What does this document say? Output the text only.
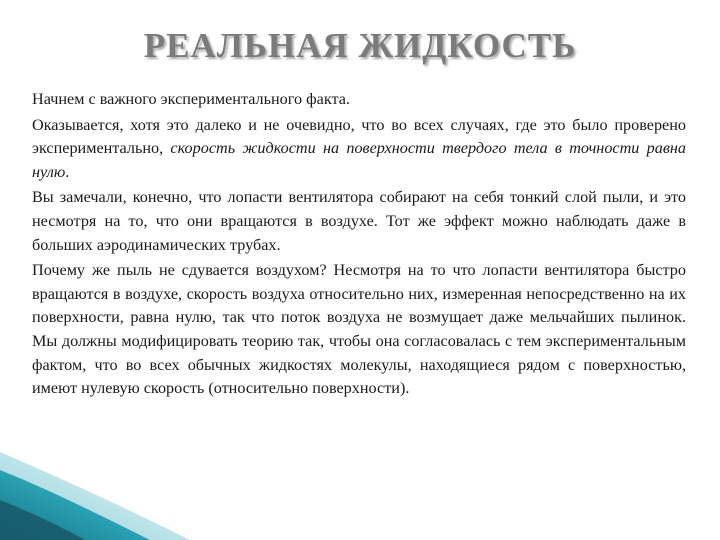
РЕАЛЬНАЯ ЖИДКОСТЬ

Начнем с важного экспериментального факта.

Оказывается, хотя это далеко и не очевидно, что во всех случаях, где это было проверено экспериментально, скорость жидкости на поверхности твердого тела в точности равна нулю.

Вы замечали, конечно, что лопасти вентилятора собирают на себя тонкий слой пыли, и это несмотря на то, что они вращаются в воздухе. Тот же эффект можно наблюдать даже в больших аэродинамических трубах.

Почему же пыль не сдувается воздухом? Несмотря на то что лопасти вентилятора быстро вращаются в воздухе, скорость воздуха относительно них, измеренная непосредственно на их поверхности, равна нулю, так что поток воздуха не возмущает даже мельчайших пылинок. Мы должны модифицировать теорию так, чтобы она согласовалась с тем экспериментальным фактом, что во всех обычных жидкостях молекулы, находящиеся рядом с поверхностью, имеют нулевую скорость (относительно поверхности).
